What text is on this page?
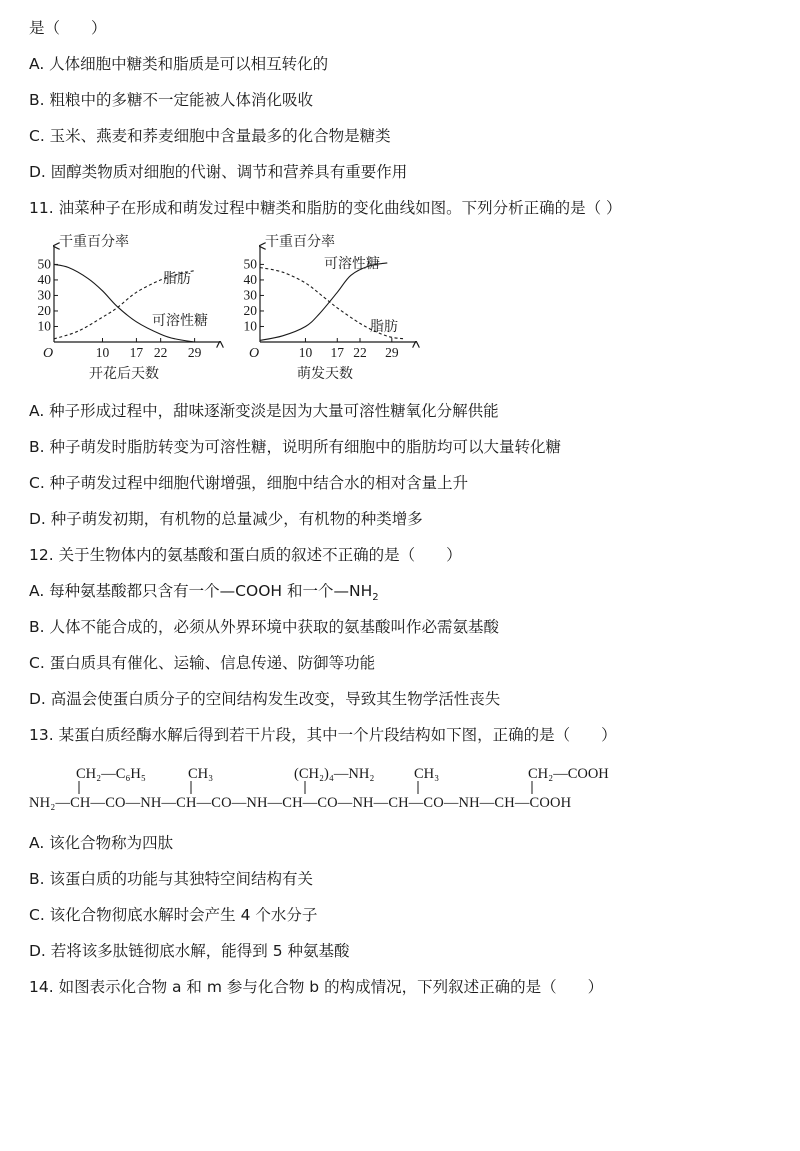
是（　　）
A. 人体细胞中糖类和脂质是可以相互转化的
B. 粗粮中的多糖不一定能被人体消化吸收
C. 玉米、燕麦和荞麦细胞中含量最多的化合物是糖类
D. 固醇类物质对细胞的代谢、调节和营养具有重要作用
11. 油菜种子在形成和萌发过程中糖类和脂肪的变化曲线如图。下列分析正确的是（ ）
干重百分率
10
20
30
40
50
O	10 17 22 29
开花后天数
脂肪
可溶性糖
干重百分率
10
20
30
40
50
O	10 17 22 29
萌发天数
可溶性糖
脂肪
A. 种子形成过程中，甜味逐渐变淡是因为大量可溶性糖氧化分解供能
B. 种子萌发时脂肪转变为可溶性糖，说明所有细胞中的脂肪均可以大量转化糖
C. 种子萌发过程中细胞代谢增强，细胞中结合水的相对含量上升
D. 种子萌发初期，有机物的总量减少，有机物的种类增多
12. 关于生物体内的氨基酸和蛋白质的叙述不正确的是（　　）
A. 每种氨基酸都只含有一个—COOH 和一个$—NH_2$
B. 人体不能合成的，必须从外界环境中获取的氨基酸叫作必需氨基酸
C. 蛋白质具有催化、运输、信息传递、防御等功能
D. 高温会使蛋白质分子的空间结构发生改变，导致其生物学活性丧失
13. 某蛋白质经酶水解后得到若干片段，其中一个片段结构如下图，正确的是（　　）
CH₂—C₆H₅	CH₃	(CH₂)₄—NH₂	CH₃	CH₂—COOH
NH₂—CH—CO—NH—CH—CO—NH—CH—CO—NH—CH—CO—NH—CH—COOH
A. 该化合物称为四肽
B. 该蛋白质的功能与其独特空间结构有关
C. 该化合物彻底水解时会产生 4 个水分子
D. 若将该多肽链彻底水解，能得到 5 种氨基酸
14. 如图表示化合物 a 和 m 参与化合物 b 的构成情况，下列叙述正确的是（　　）
